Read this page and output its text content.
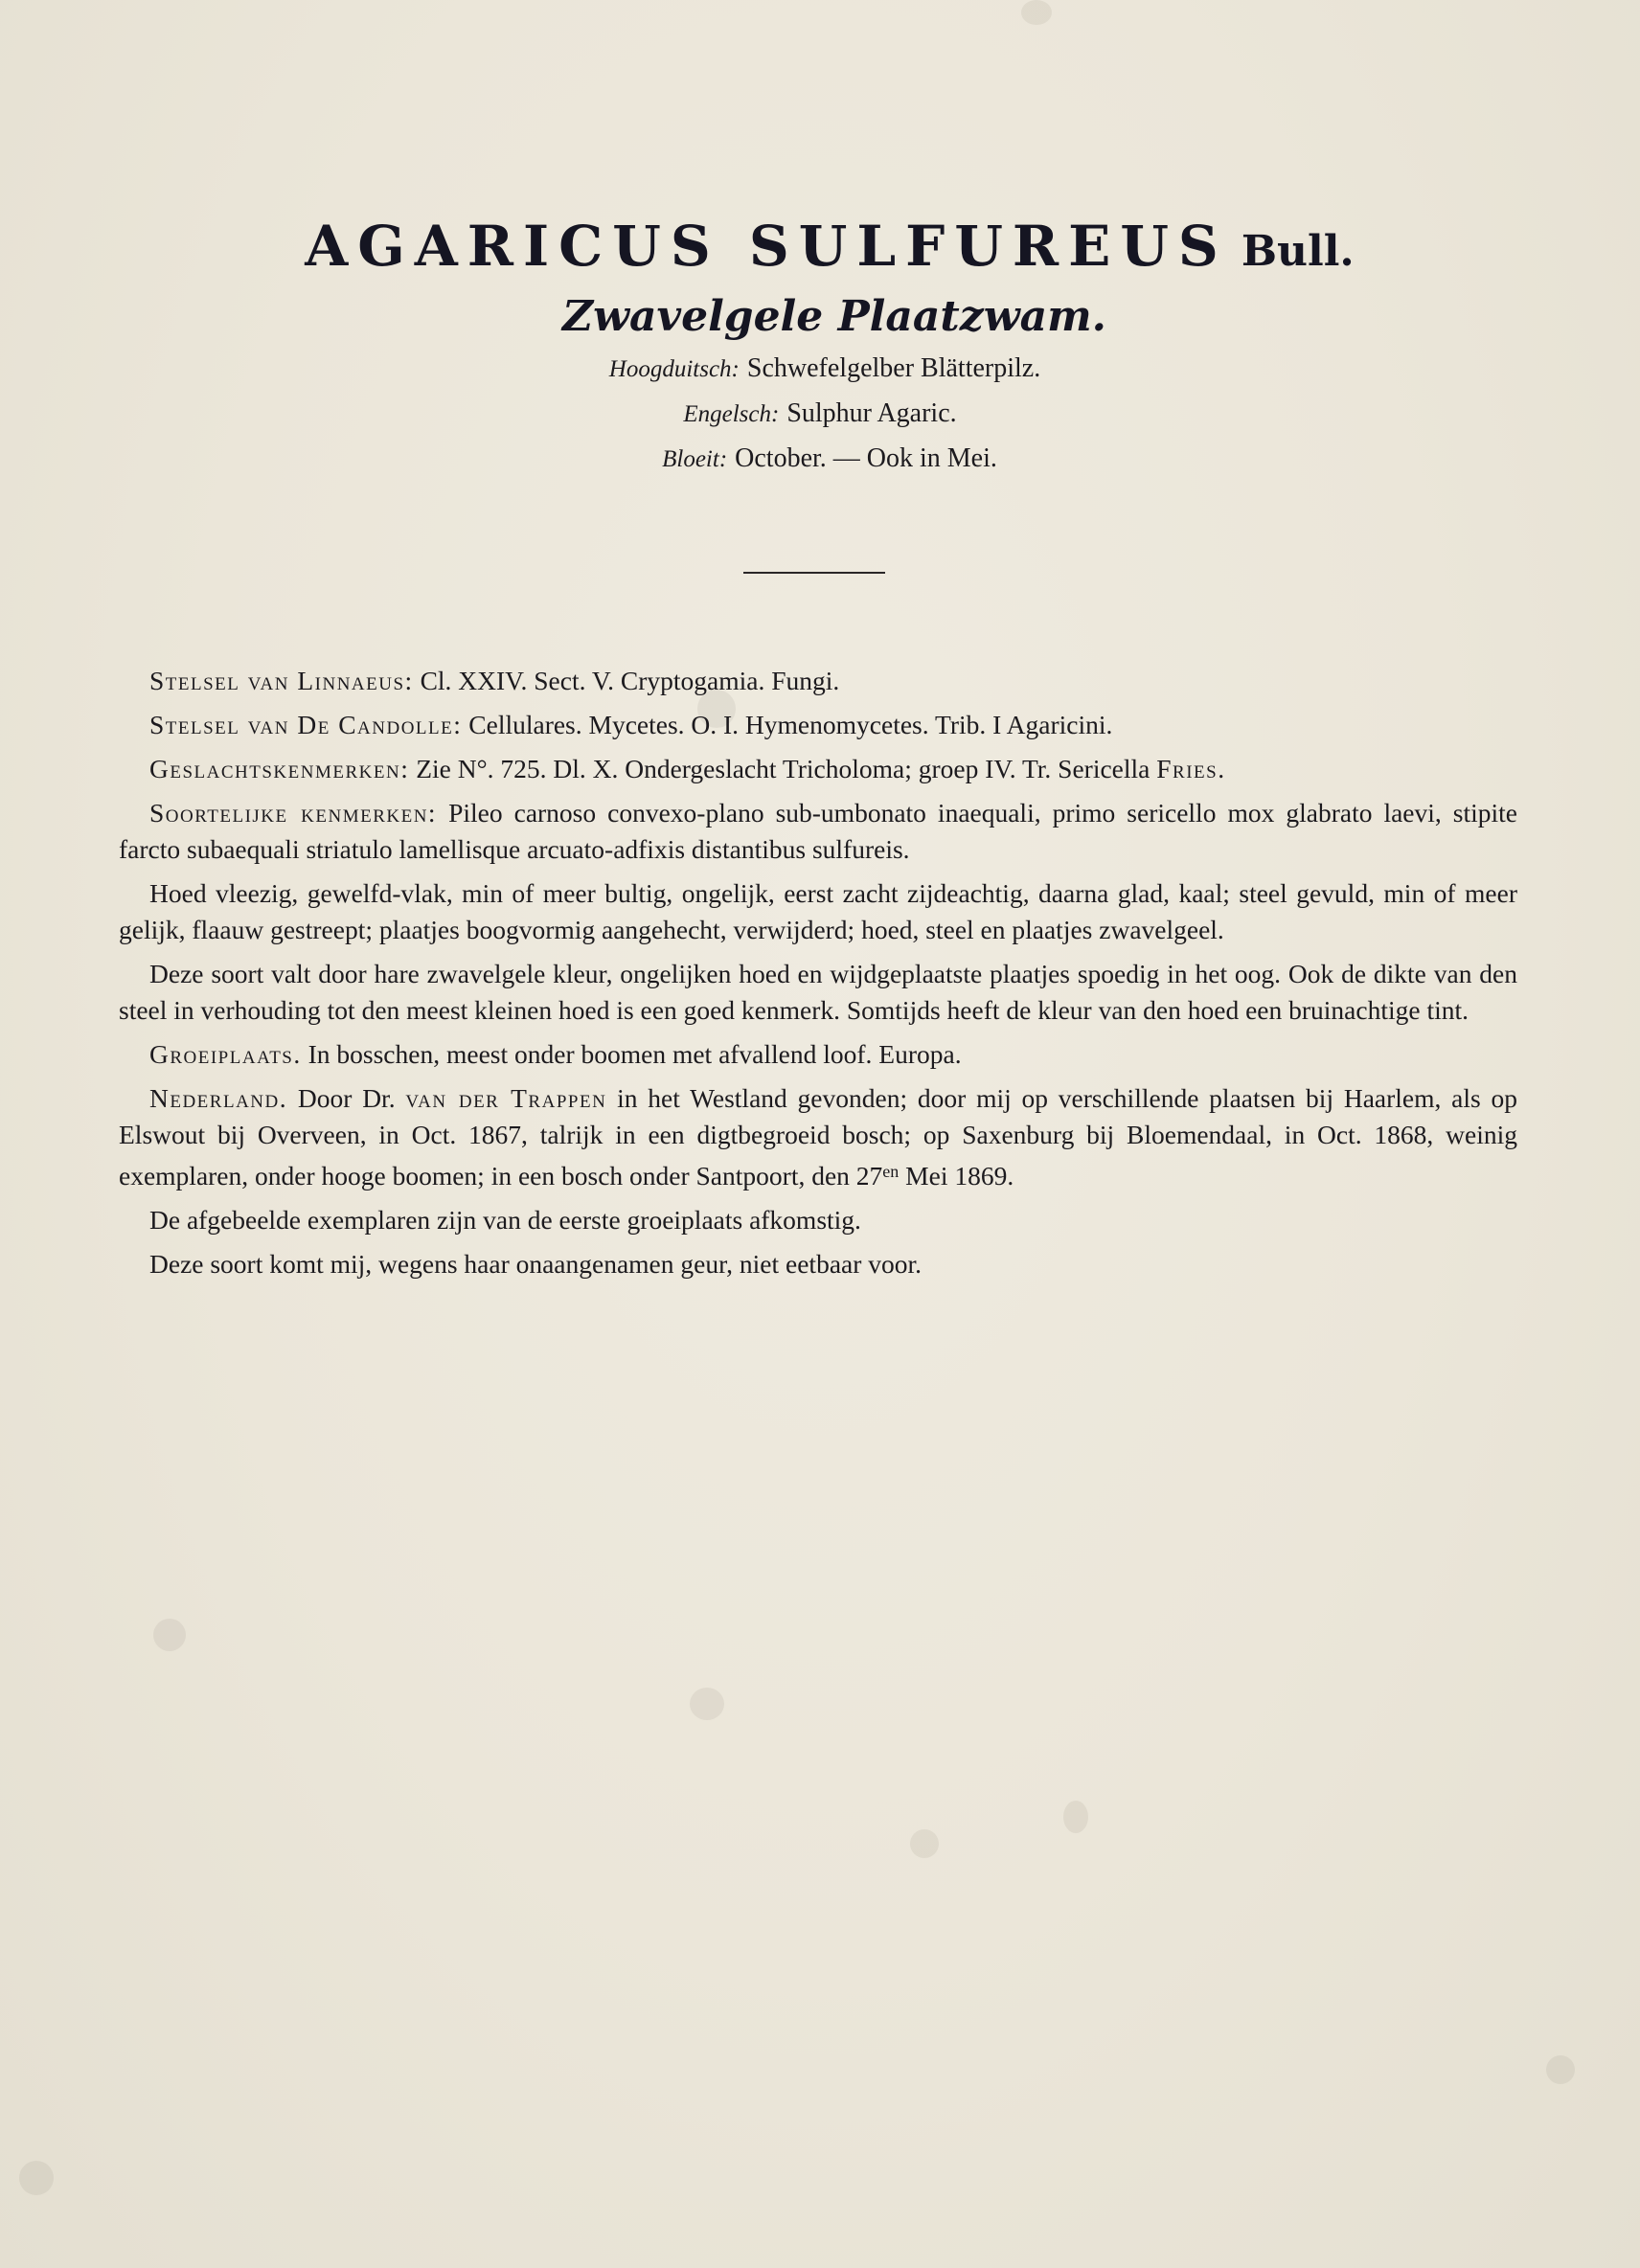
AGARICUS SULFUREUS Bull.
Zwavelgele Plaatzwam.
Hoogduitsch: Schwefelgelber Blätterpilz.
Engelsch: Sulphur Agaric.
Bloeit: October. — Ook in Mei.

Stelsel van Linnaeus: Cl. XXIV. Sect. V. Cryptogamia. Fungi.

Stelsel van De Candolle: Cellulares. Mycetes. O. I. Hymenomycetes. Trib. I Agaricini.

Geslachtskenmerken: Zie N°. 725. Dl. X. Ondergeslacht Tricholoma; groep IV. Tr. Sericella Fries.

Soortelijke kenmerken: Pileo carnoso convexo-plano sub-umbonato inaequali, primo sericello mox glabrato laevi, stipite farcto subaequali striatulo lamellisque arcuato-adfixis distantibus sulfureis.

Hoed vleezig, gewelfd-vlak, min of meer bultig, ongelijk, eerst zacht zijdeachtig, daarna glad, kaal; steel gevuld, min of meer gelijk, flaauw gestreept; plaatjes boogvormig aangehecht, verwijderd; hoed, steel en plaatjes zwavelgeel.

Deze soort valt door hare zwavelgele kleur, ongelijken hoed en wijdgeplaatste plaatjes spoedig in het oog. Ook de dikte van den steel in verhouding tot den meest kleinen hoed is een goed kenmerk. Somtijds heeft de kleur van den hoed een bruinachtige tint.

Groeiplaats. In bosschen, meest onder boomen met afvallend loof. Europa.

Nederland. Door Dr. van der Trappen in het Westland gevonden; door mij op verschillende plaatsen bij Haarlem, als op Elswout bij Overveen, in Oct. 1867, talrijk in een digtbegroeid bosch; op Saxenburg bij Bloemendaal, in Oct. 1868, weinig exemplaren, onder hooge boomen; in een bosch onder Santpoort, den $27^{en}$ Mei 1869.

De afgebeelde exemplaren zijn van de eerste groeiplaats afkomstig.

Deze soort komt mij, wegens haar onaangenamen geur, niet eetbaar voor.
